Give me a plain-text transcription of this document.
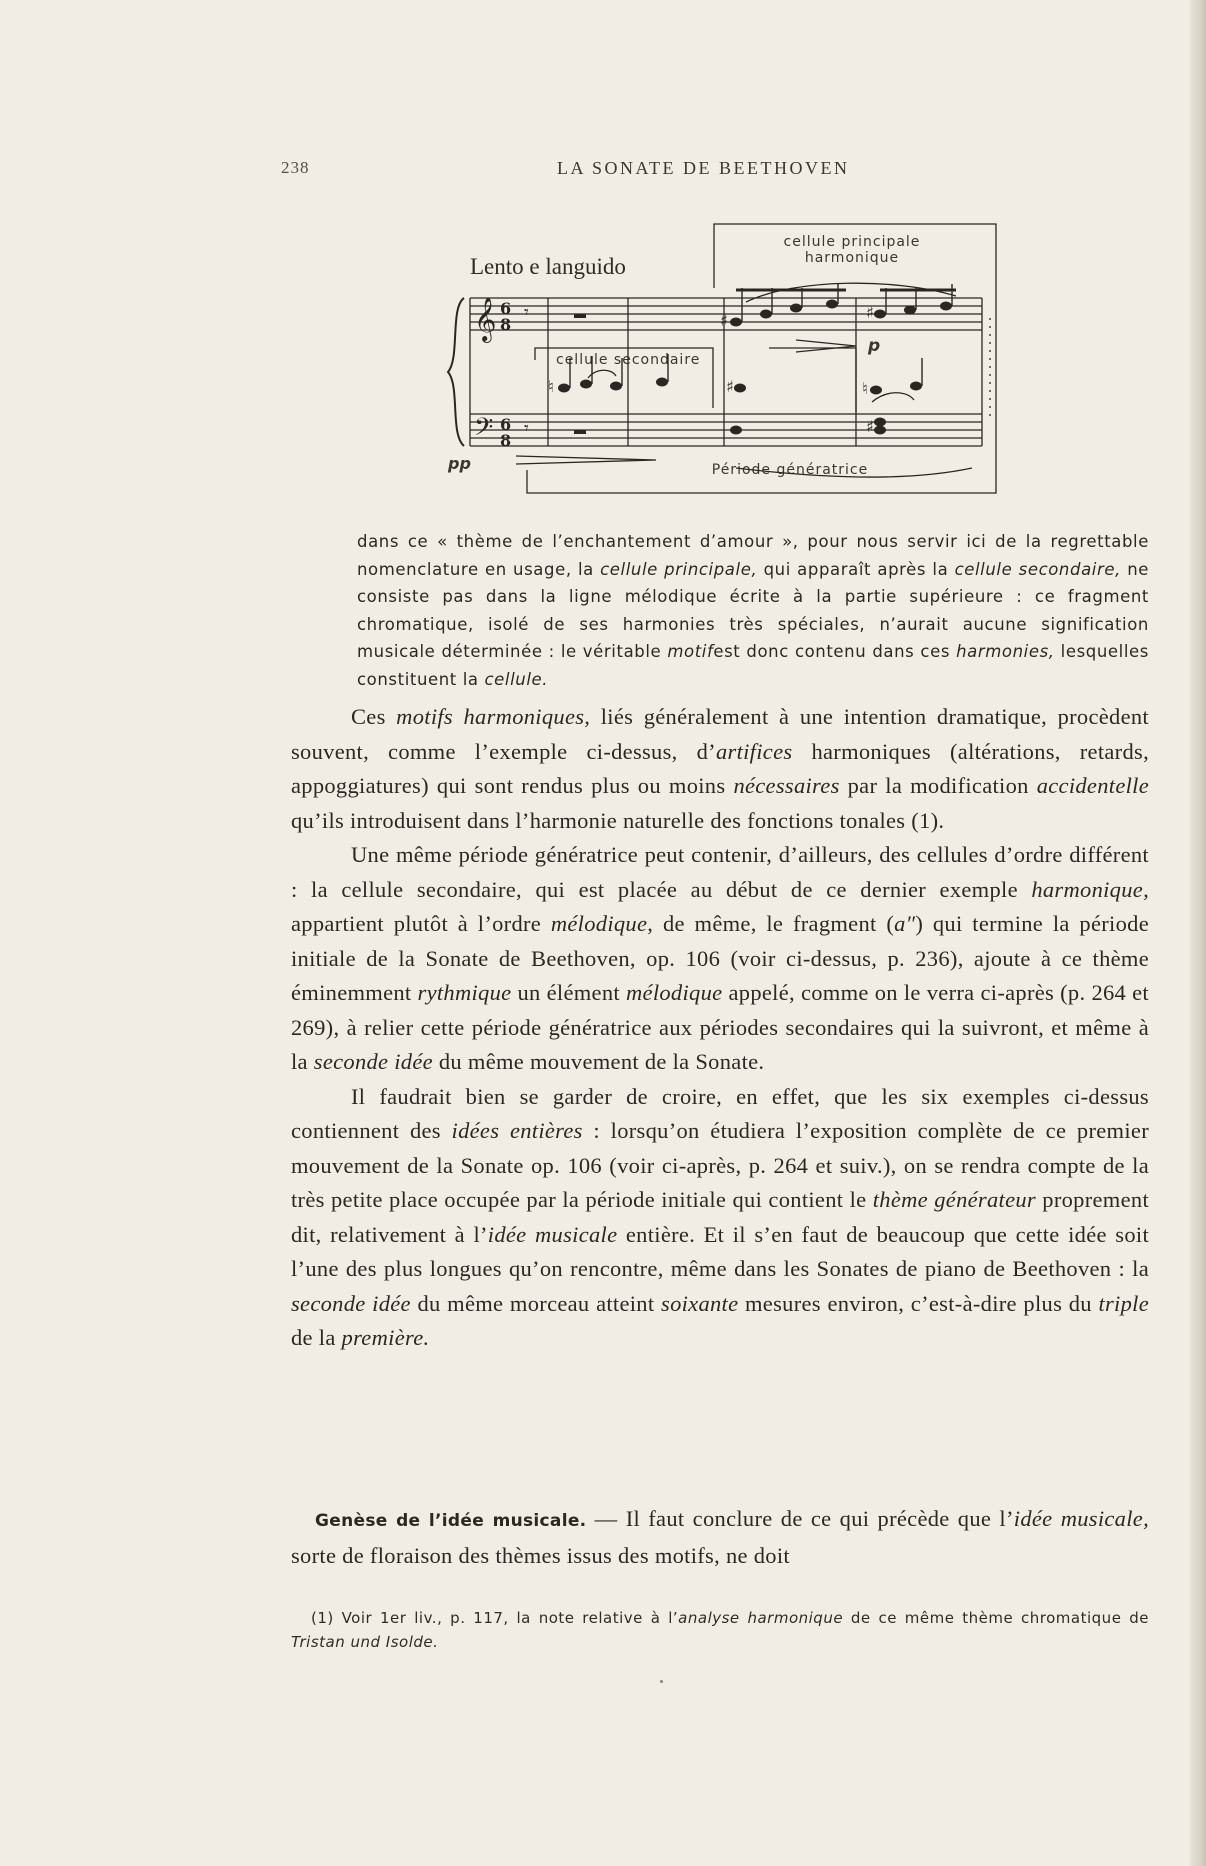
238	LA SONATE DE BEETHOVEN
Lento e languido
cellule principale
harmonique
cellule secondaire
Période génératrice
𝄞
𝄢
6
8
6
8
𝄾
𝄾
♯	♯
♮	♯	♮
♯
pp
p

dans ce « thème de l’enchantement d’amour », pour nous servir ici de la regrettable nomenclature en usage, la cellule principale, qui apparaît après la cellule secondaire, ne consiste pas dans la ligne mélodique écrite à la partie supérieure : ce fragment chromatique, isolé de ses harmonies très spéciales, n’aurait aucune signification musicale déterminée : le véritable motifest donc contenu dans ces harmonies, lesquelles constituent la cellule.

Ces motifs harmoniques, liés généralement à une intention dramatique, procèdent souvent, comme l’exemple ci-dessus, d’artifices harmoniques (altérations, retards, appoggiatures) qui sont rendus plus ou moins nécessaires par la modification accidentelle qu’ils introduisent dans l’harmonie naturelle des fonctions tonales (1).

Une même période génératrice peut contenir, d’ailleurs, des cellules d’ordre différent : la cellule secondaire, qui est placée au début de ce dernier exemple harmonique, appartient plutôt à l’ordre mélodique, de même, le fragment (a″) qui termine la période initiale de la Sonate de Beethoven, op. 106 (voir ci-dessus, p. 236), ajoute à ce thème éminemment rythmique un élément mélodique appelé, comme on le verra ci-après (p. 264 et 269), à relier cette période génératrice aux périodes secondaires qui la suivront, et même à la seconde idée du même mouvement de la Sonate.

Il faudrait bien se garder de croire, en effet, que les six exemples ci-dessus contiennent des idées entières : lorsqu’on étudiera l’exposition complète de ce premier mouvement de la Sonate op. 106 (voir ci-après, p. 264 et suiv.), on se rendra compte de la très petite place occupée par la période initiale qui contient le thème générateur proprement dit, relativement à l’idée musicale entière. Et il s’en faut de beaucoup que cette idée soit l’une des plus longues qu’on rencontre, même dans les Sonates de piano de Beethoven : la seconde idée du même morceau atteint soixante mesures environ, c’est-à-dire plus du triple de la première.

Genèse de l’idée musicale. — Il faut conclure de ce qui précède que l’idée musicale, sorte de floraison des thèmes issus des motifs, ne doit
(1) Voir 1er liv., p. 117, la note relative à l’analyse harmonique de ce même thème chromatique de Tristan und Isolde.
